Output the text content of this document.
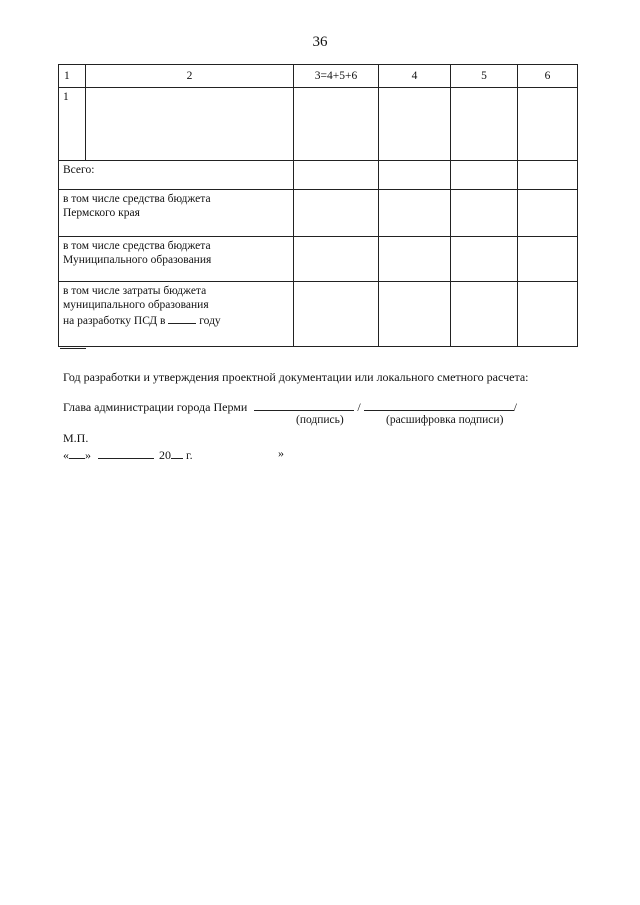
36
1	2	3=4+5+6	4	5	6
1					
Всего:					

в том числе средства бюджета
Пермского края					

в том числе средства бюджета
Муниципального образования					

в том числе затраты бюджета
муниципального образования
на разработку ПСД в году					

Год разработки и утверждения проектной документации или локального сметного расчета:
Глава администрации города Перми	/	/
(подпись)	(расшифровка подписи)
М.П.
« »	20 г.	»
